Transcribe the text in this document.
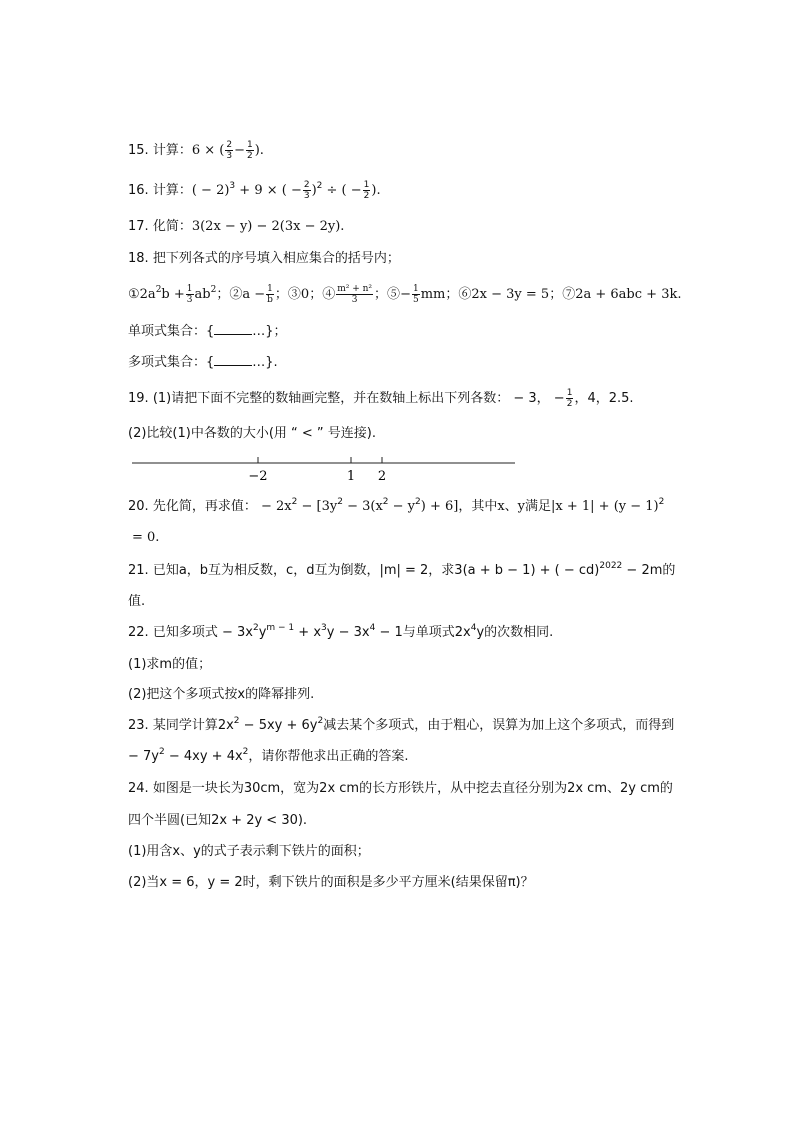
15. 计算：6 × ( $\frac{2}{3} - \frac{1}{2}$ ).
16. 计算：( − 2)$^3$ + 9 × ( − $\frac{2}{3} )^2$ ÷ ( − $\frac{1}{2}$ ).
17. 化简：3(2x − y) − 2(3x − 2y).
18. 把下列各式的序号填入相应集合的括号内；
$①2a^2b + \frac{1}{3} ab^2$；②a − $\frac{1}{b}$ ；③0；④ $\frac{\text{m² + n²}}{3}$ ；⑤− $\frac{1}{5}$ mm；⑥2x − 3y = 5；⑦2a + 6abc + 3k.
单项式集合：{	…}；
多项式集合：{	…}.
19. (1)请把下面不完整的数轴画完整，并在数轴上标出下列各数： − 3， − $\frac{1}{2}$ ，4，2.5.
(2)比较(1)中各数的大小(用 “ < ” 号连接).
−2	1 2
20. 先化简，再求值： − $2x^2 - [3y^2 - 3(x^2 - y^2) + 6]$，其中x、y满足$|x + 1| + (y - 1)^2$
= 0.
21. 已知a，b互为相反数，c，d互为倒数，|m| = 2，求3(a + b − 1) + ( − cd)$^{2022}$ − 2m的
值.
22. 已知多项式 − $3x^2y^{m - 1} + x^3y - 3x^4 - 1$与单项式$2x^4y$的次数相同.
(1)求m的值；
(2)把这个多项式按x的降幂排列.
23. 某同学计算$2x^2 - 5xy + 6y^2$减去某个多项式，由于粗心，误算为加上这个多项式，而得到
− $7y^2 - 4xy + 4x^2$，请你帮他求出正确的答案.
24. 如图是一块长为30cm，宽为2x cm的长方形铁片，从中挖去直径分别为2x cm、2y cm的
四个半圆(已知2x + 2y < 30).
(1)用含x、y的式子表示剩下铁片的面积；
(2)当x = 6，y = 2时，剩下铁片的面积是多少平方厘米(结果保留π)？
